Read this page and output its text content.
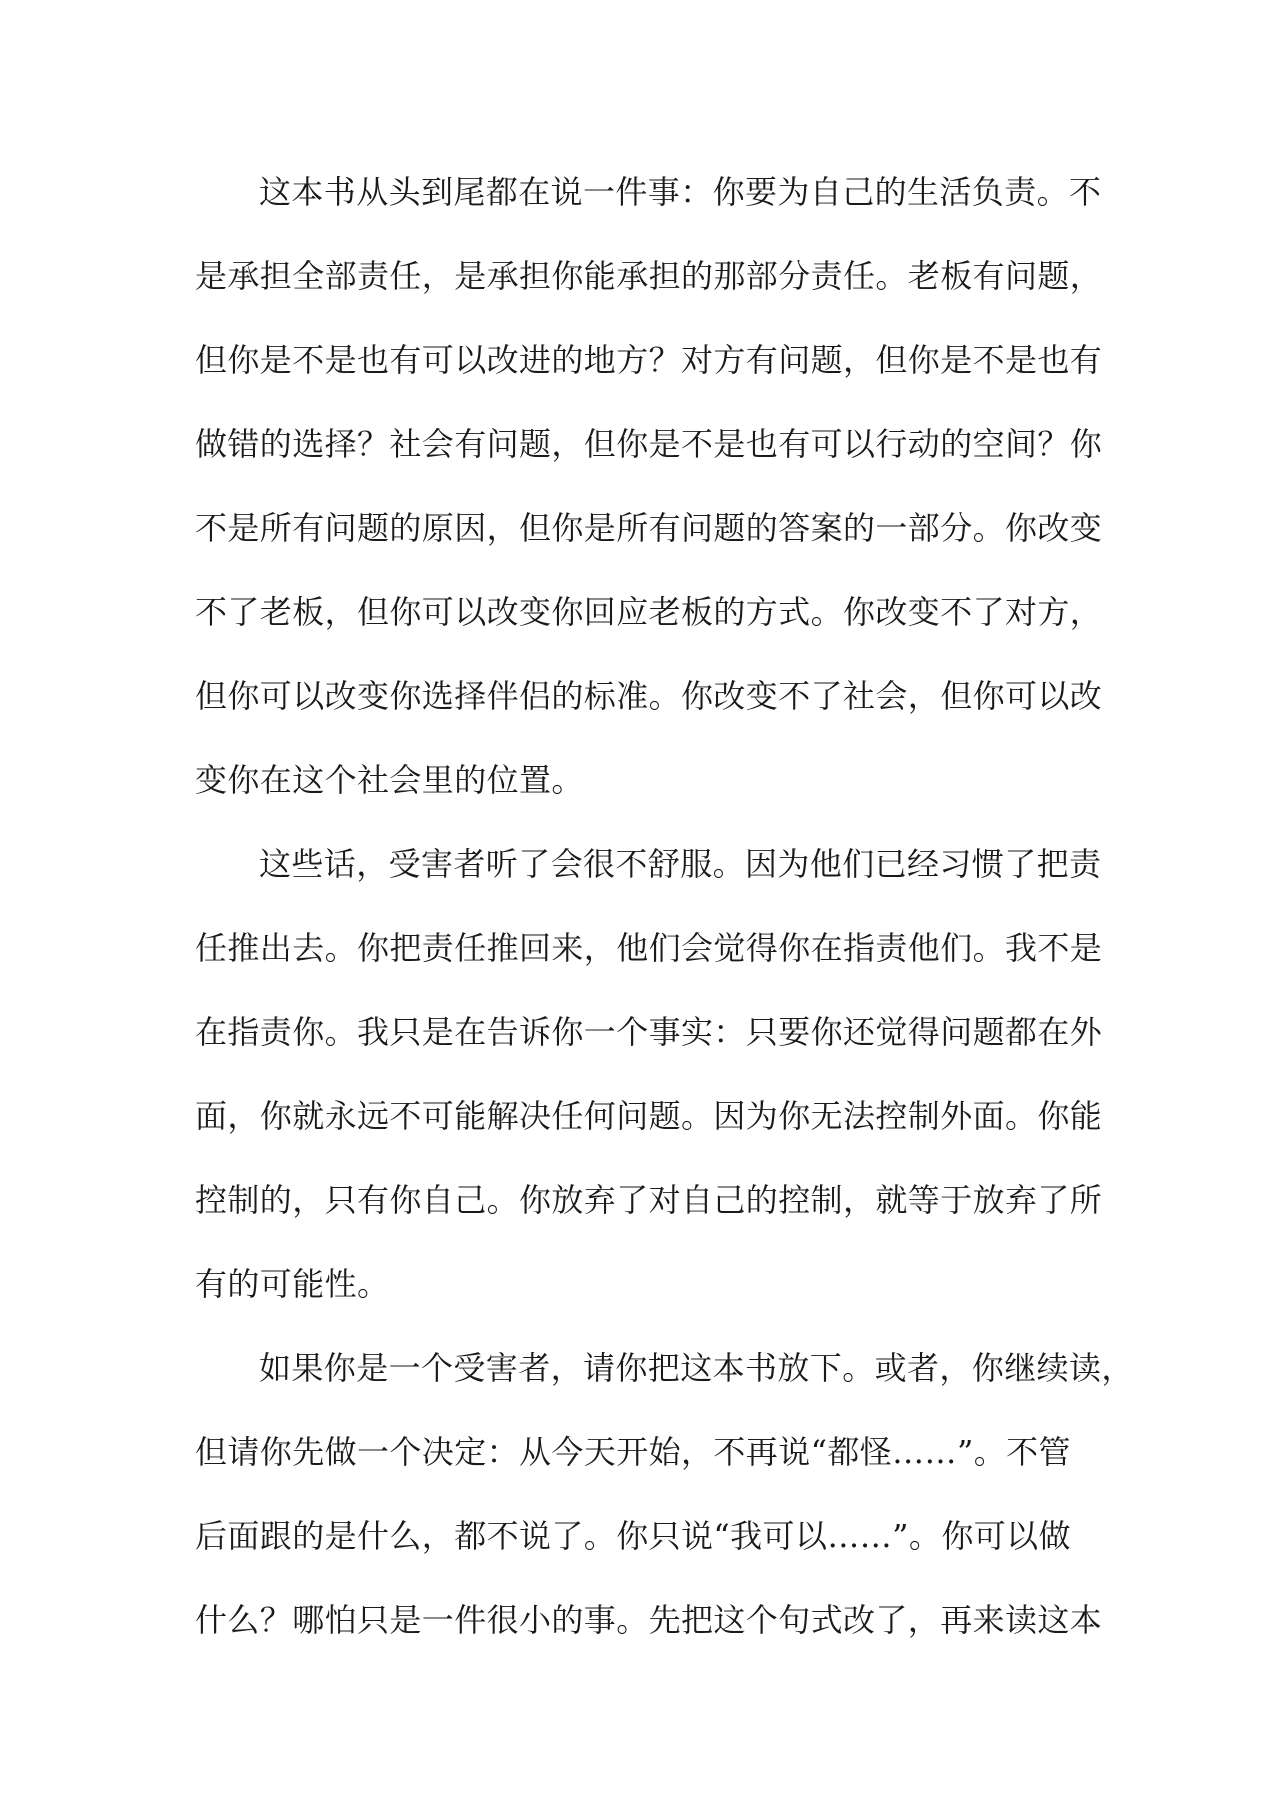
这本书从头到尾都在说一件事：你要为自己的生活负责。不
是承担全部责任，是承担你能承担的那部分责任。老板有问题，
但你是不是也有可以改进的地方？对方有问题，但你是不是也有
做错的选择？社会有问题，但你是不是也有可以行动的空间？你
不是所有问题的原因，但你是所有问题的答案的一部分。你改变
不了老板，但你可以改变你回应老板的方式。你改变不了对方，
但你可以改变你选择伴侣的标准。你改变不了社会，但你可以改
变你在这个社会里的位置。
这些话，受害者听了会很不舒服。因为他们已经习惯了把责
任推出去。你把责任推回来，他们会觉得你在指责他们。我不是
在指责你。我只是在告诉你一个事实：只要你还觉得问题都在外
面，你就永远不可能解决任何问题。因为你无法控制外面。你能
控制的，只有你自己。你放弃了对自己的控制，就等于放弃了所
有的可能性。
如果你是一个受害者，请你把这本书放下。或者，你继续读，
但请你先做一个决定：从今天开始，不再说“都怪……”。不管
后面跟的是什么，都不说了。你只说“我可以……”。你可以做
什么？哪怕只是一件很小的事。先把这个句式改了，再来读这本
